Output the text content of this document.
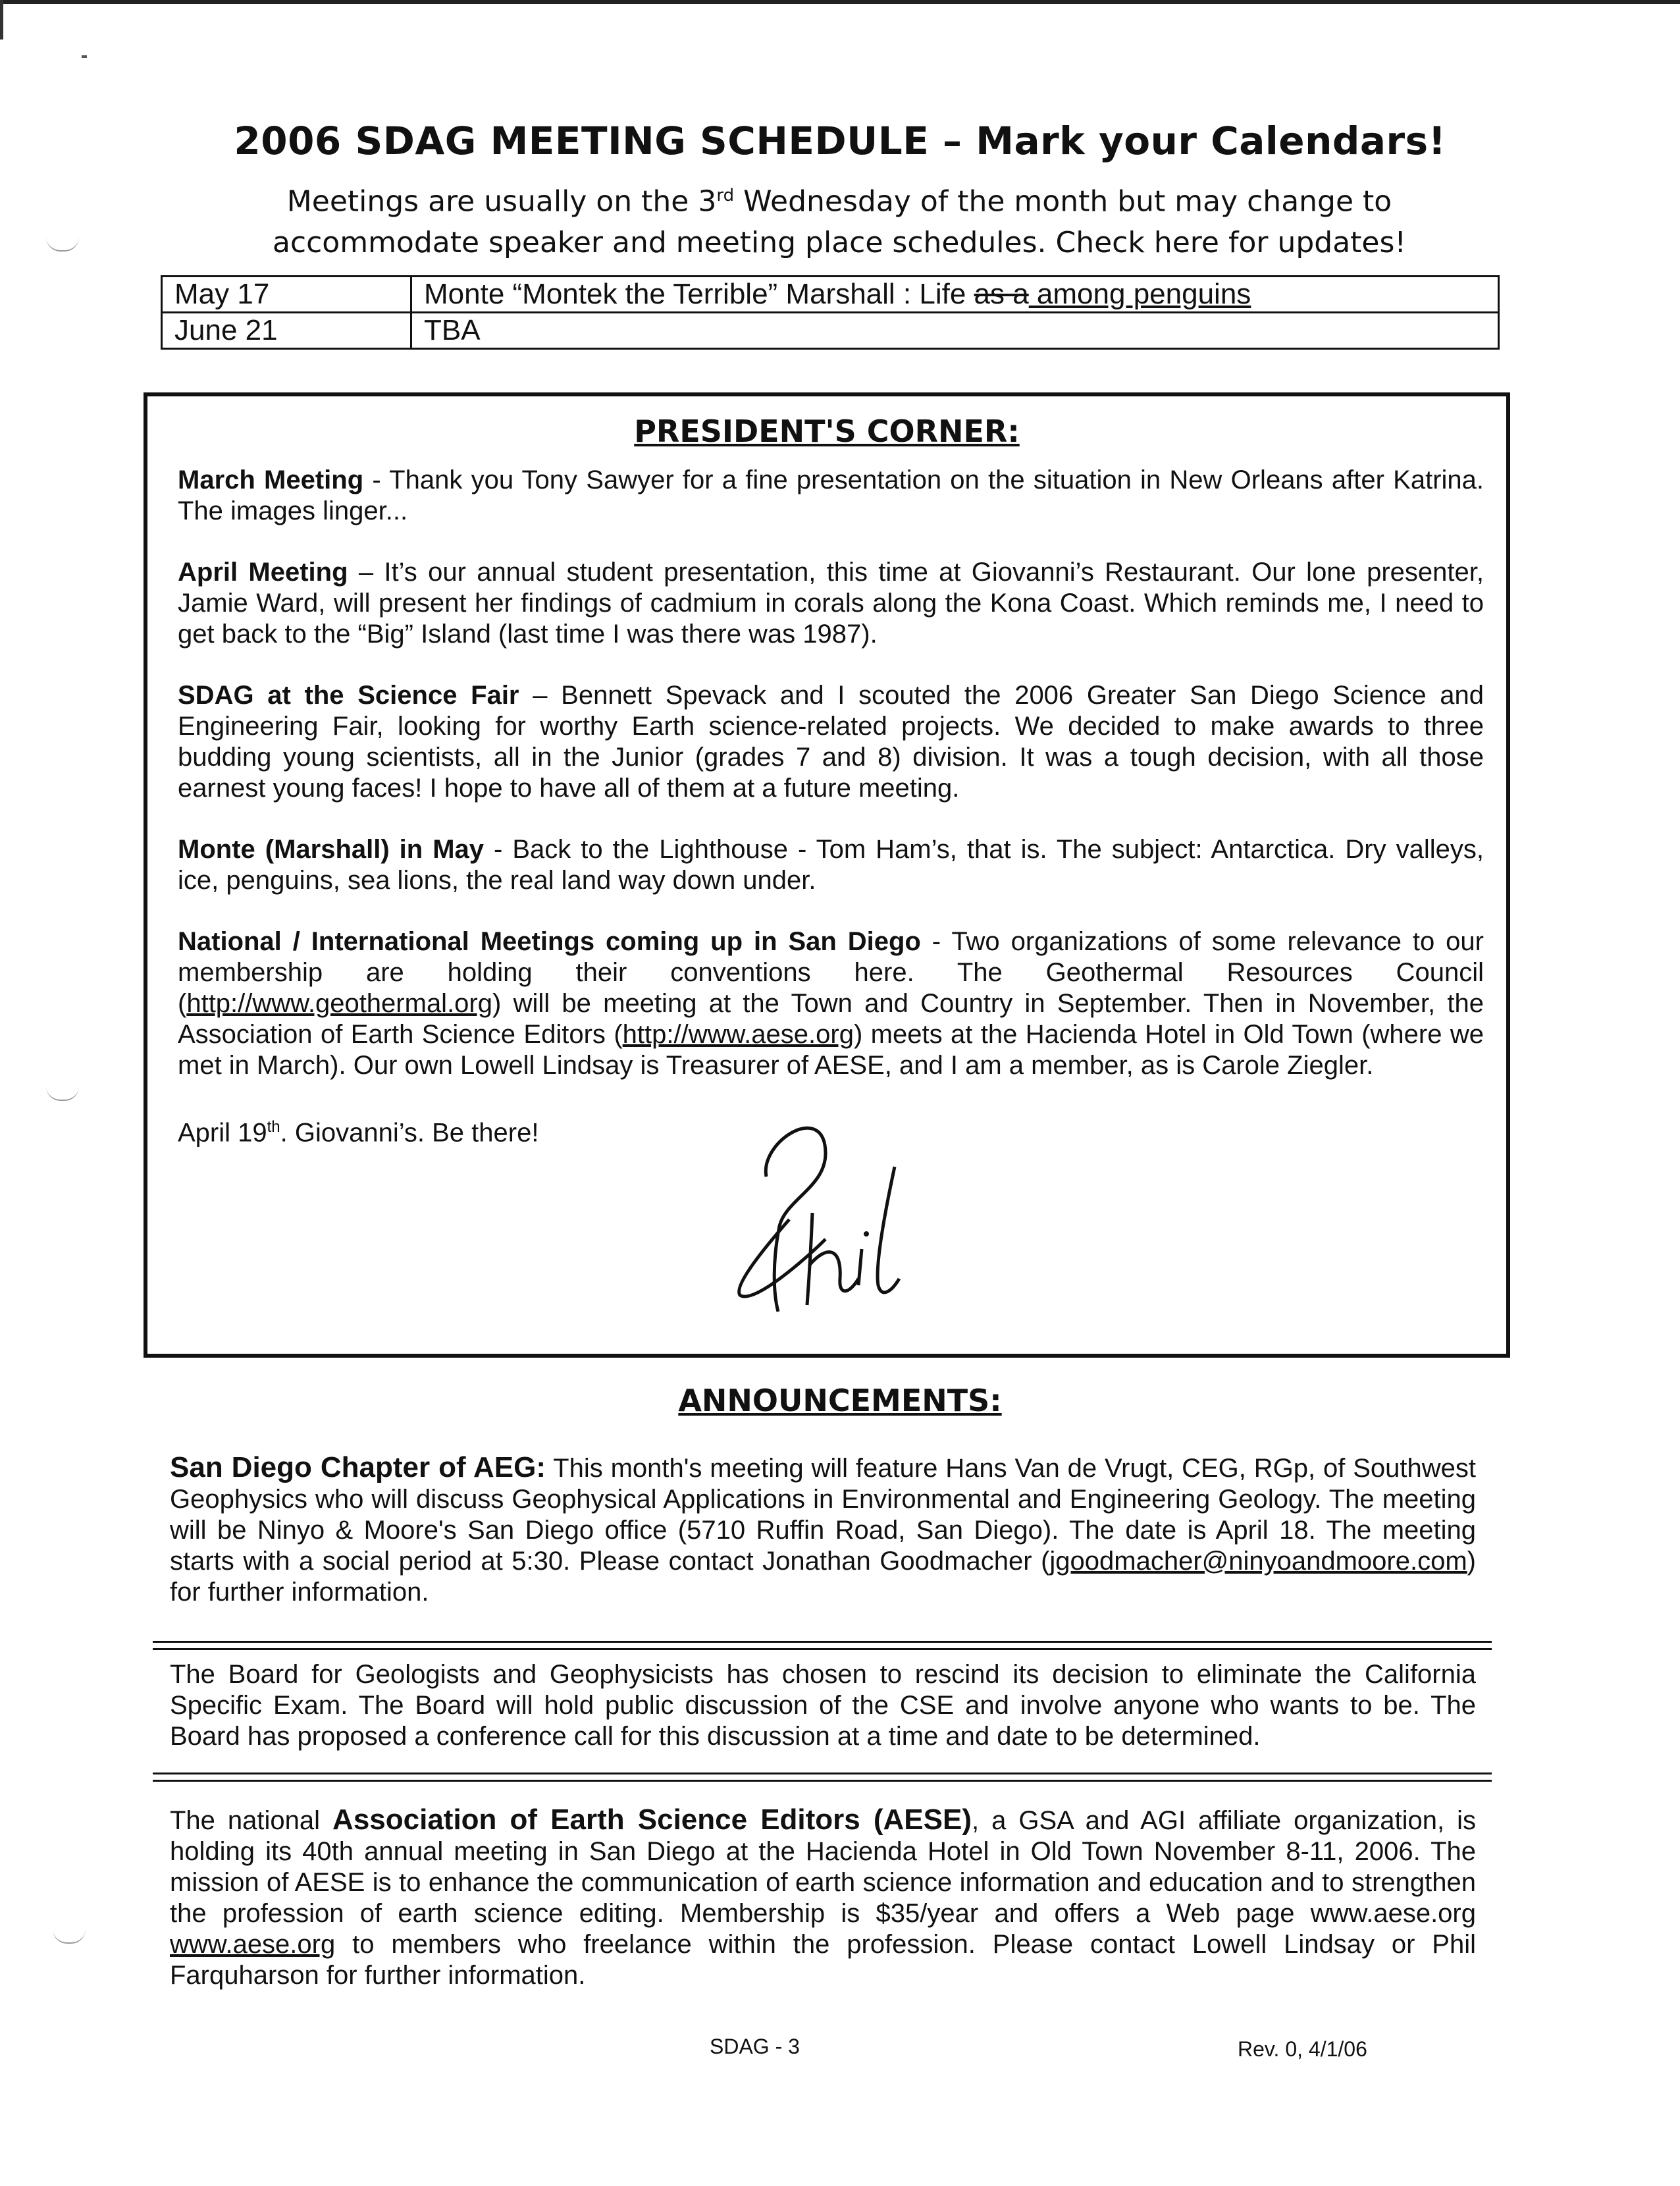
2006 SDAG MEETING SCHEDULE – Mark your Calendars!
Meetings are usually on the 3rd Wednesday of the month but may change to accommodate speaker and meeting place schedules. Check here for updates!
May 17	Monte “Montek the Terrible” Marshall : Life as a among penguins
June 21	TBA
PRESIDENT'S CORNER:

March Meeting - Thank you Tony Sawyer for a fine presentation on the situation in New Orleans after Katrina. The images linger...

April Meeting – It’s our annual student presentation, this time at Giovanni’s Restaurant. Our lone presenter, Jamie Ward, will present her findings of cadmium in corals along the Kona Coast. Which reminds me, I need to get back to the “Big” Island (last time I was there was 1987).

SDAG at the Science Fair – Bennett Spevack and I scouted the 2006 Greater San Diego Science and Engineering Fair, looking for worthy Earth science-related projects. We decided to make awards to three budding young scientists, all in the Junior (grades 7 and 8) division. It was a tough decision, with all those earnest young faces! I hope to have all of them at a future meeting.

Monte (Marshall) in May - Back to the Lighthouse - Tom Ham’s, that is. The subject: Antarctica. Dry valleys, ice, penguins, sea lions, the real land way down under.

National / International Meetings coming up in San Diego - Two organizations of some relevance to our membership are holding their conventions here. The Geothermal Resources Council (http://www.geothermal.org) will be meeting at the Town and Country in September. Then in November, the Association of Earth Science Editors (http://www.aese.org) meets at the Hacienda Hotel in Old Town (where we met in March). Our own Lowell Lindsay is Treasurer of AESE, and I am a member, as is Carole Ziegler.

April 19th. Giovanni’s. Be there!

ANNOUNCEMENTS:
San Diego Chapter of AEG: This month's meeting will feature Hans Van de Vrugt, CEG, RGp, of Southwest Geophysics who will discuss Geophysical Applications in Environmental and Engineering Geology. The meeting will be Ninyo & Moore's San Diego office (5710 Ruffin Road, San Diego). The date is April 18. The meeting starts with a social period at 5:30. Please contact Jonathan Goodmacher (jgoodmacher@ninyoandmoore.com) for further information.
The Board for Geologists and Geophysicists has chosen to rescind its decision to eliminate the California Specific Exam. The Board will hold public discussion of the CSE and involve anyone who wants to be. The Board has proposed a conference call for this discussion at a time and date to be determined.
The national Association of Earth Science Editors (AESE), a GSA and AGI affiliate organization, is holding its 40th annual meeting in San Diego at the Hacienda Hotel in Old Town November 8-11, 2006. The mission of AESE is to enhance the communication of earth science information and education and to strengthen the profession of earth science editing. Membership is $35/year and offers a Web page www.aese.org www.aese.org to members who freelance within the profession. Please contact Lowell Lindsay or Phil Farquharson for further information.
SDAG - 3	Rev. 0, 4/1/06
